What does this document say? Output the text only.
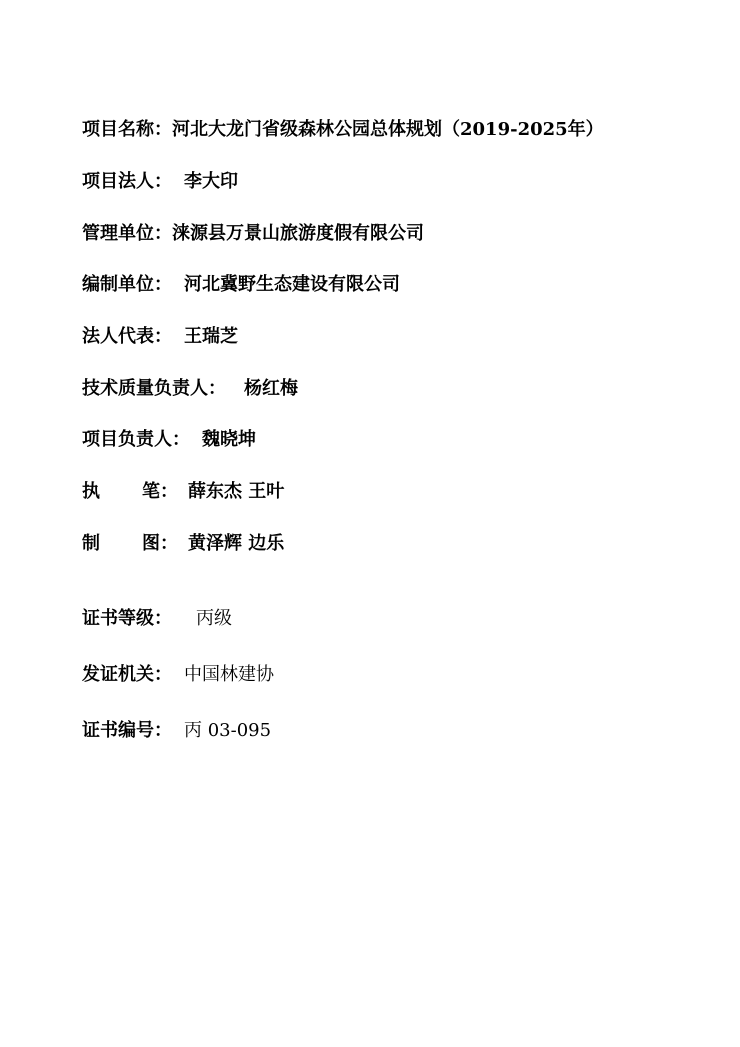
项目名称：河北大龙门省级森林公园总体规划（2019-2025年）
项目法人： 李大印
管理单位：涞源县万景山旅游度假有限公司
编制单位： 河北冀野生态建设有限公司
法人代表： 王瑞芝
技术质量负责人： 杨红梅
项目负责人： 魏晓坤
执 笔： 薛东杰 王叶
制 图： 黄泽辉 边乐
证书等级： 丙级
发证机关： 中国林建协
证书编号： 丙 03-095
